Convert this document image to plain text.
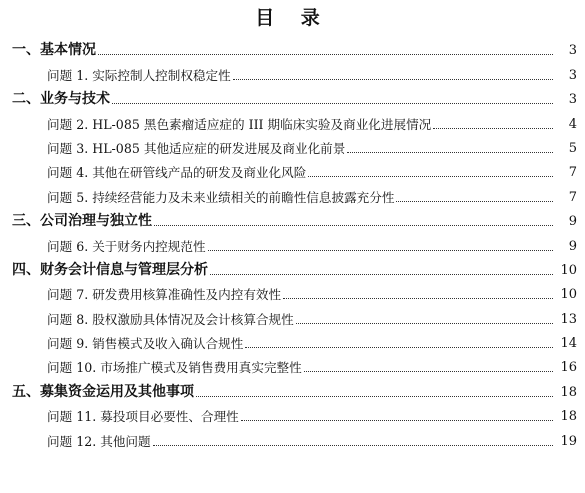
目 录
一、基本情况	3
问题 1. 实际控制人控制权稳定性	3
二、业务与技术	3
问题 2. HL-085 黑色素瘤适应症的 III 期临床实验及商业化进展情况	4
问题 3. HL-085 其他适应症的研发进展及商业化前景	5
问题 4. 其他在研管线产品的研发及商业化风险	7
问题 5. 持续经营能力及未来业绩相关的前瞻性信息披露充分性	7
三、公司治理与独立性	9
问题 6. 关于财务内控规范性	9
四、财务会计信息与管理层分析	10
问题 7. 研发费用核算准确性及内控有效性	10
问题 8. 股权激励具体情况及会计核算合规性	13
问题 9. 销售模式及收入确认合规性	14
问题 10. 市场推广模式及销售费用真实完整性	16
五、募集资金运用及其他事项	18
问题 11. 募投项目必要性、合理性	18
问题 12. 其他问题	19
